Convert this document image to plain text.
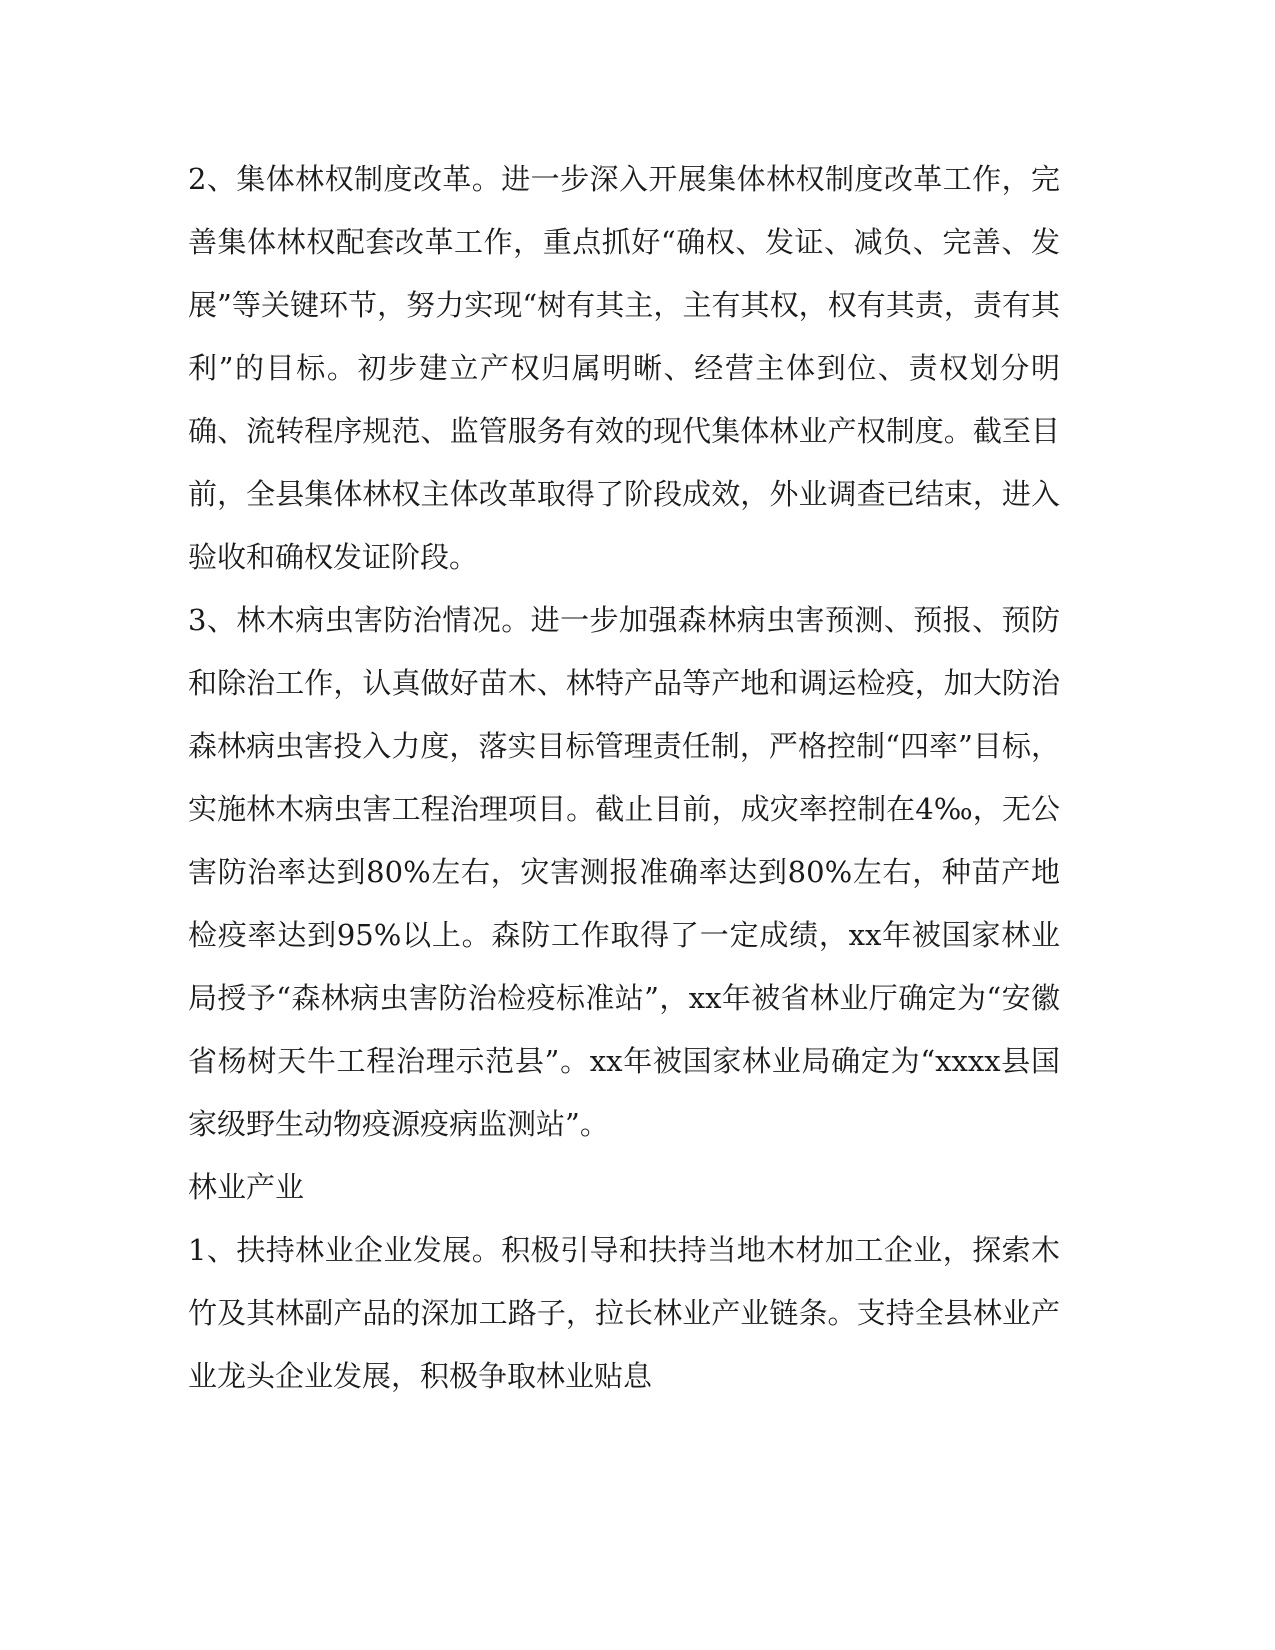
2、集体林权制度改革。进一步深入开展集体林权制度改革工作，完善集体林权配套改革工作，重点抓好“确权、发证、减负、完善、发展”等关键环节，努力实现“树有其主，主有其权，权有其责，责有其利”的目标。初步建立产权归属明晰、经营主体到位、责权划分明确、流转程序规范、监管服务有效的现代集体林业产权制度。截至目前，全县集体林权主体改革取得了阶段成效，外业调查已结束，进入验收和确权发证阶段。

3、林木病虫害防治情况。进一步加强森林病虫害预测、预报、预防和除治工作，认真做好苗木、林特产品等产地和调运检疫，加大防治森林病虫害投入力度，落实目标管理责任制，严格控制“四率”目标，实施林木病虫害工程治理项目。截止目前，成灾率控制在4‰，无公害防治率达到80%左右，灾害测报准确率达到80%左右，种苗产地检疫率达到95%以上。森防工作取得了一定成绩，xx年被国家林业局授予“森林病虫害防治检疫标准站”，xx年被省林业厅确定为“安徽省杨树天牛工程治理示范县”。xx年被国家林业局确定为“xxxx县国家级野生动物疫源疫病监测站”。

林业产业

1、扶持林业企业发展。积极引导和扶持当地木材加工企业，探索木竹及其林副产品的深加工路子，拉长林业产业链条。支持全县林业产业龙头企业发展，积极争取林业贴息
